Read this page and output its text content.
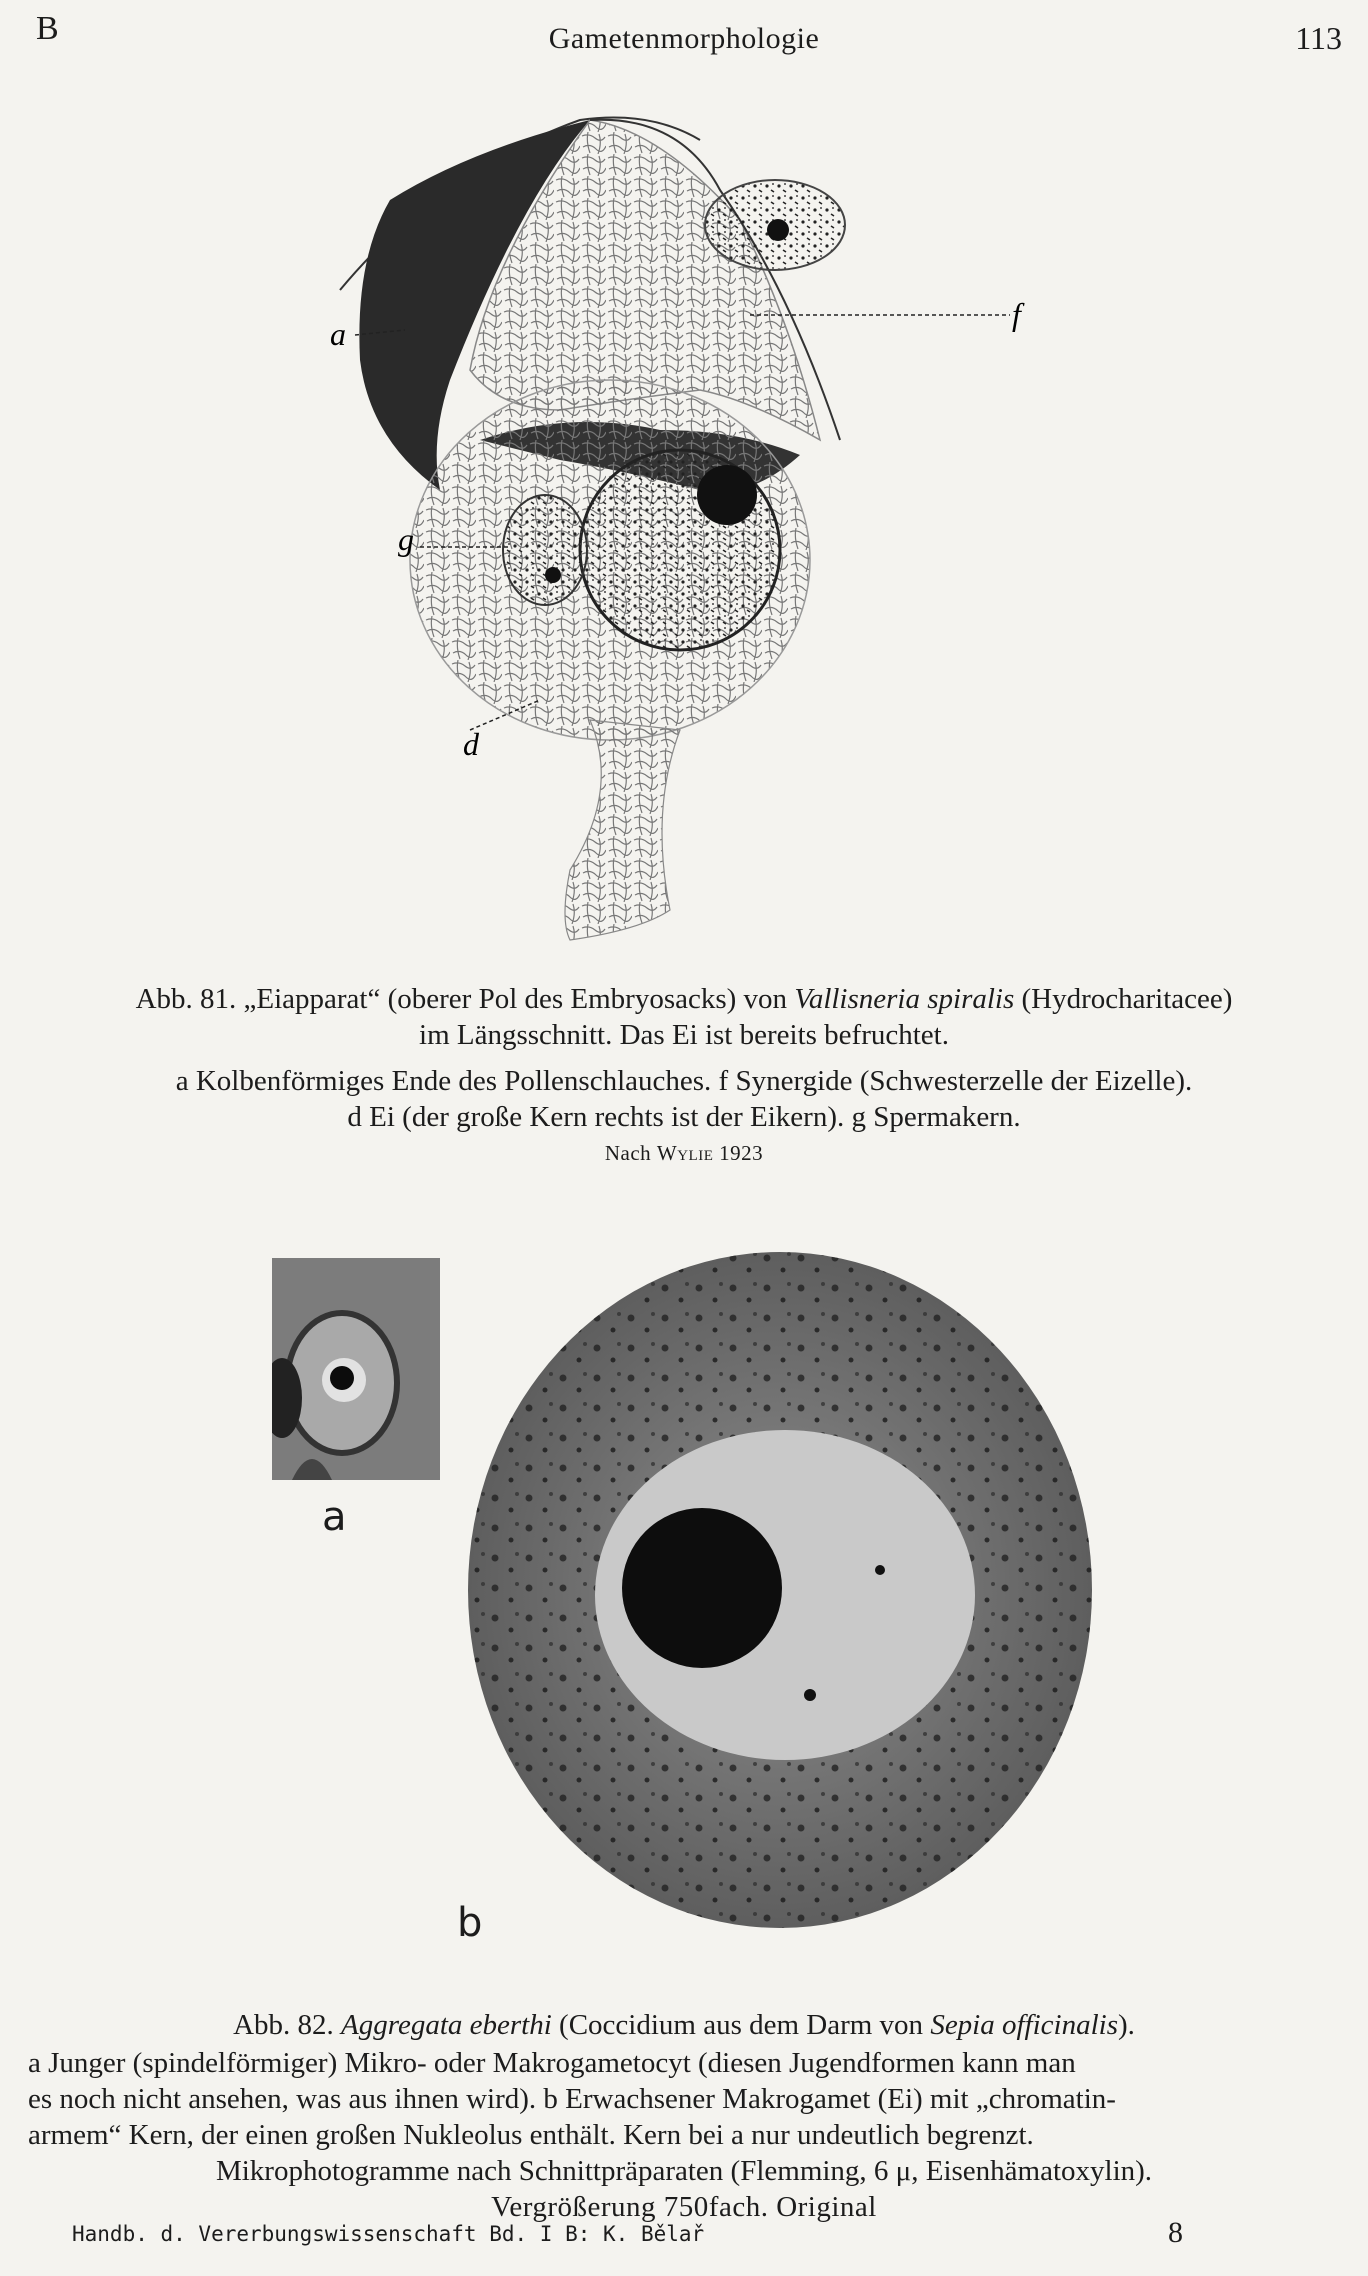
B	Gametenmorphologie	113
a
f
g
d
Abb. 81. „Eiapparat“ (oberer Pol des Embryosacks) von Vallisneria spiralis (Hydrocharitacee)
im Längsschnitt. Das Ei ist bereits befruchtet.
a Kolbenförmiges Ende des Pollenschlauches. f Synergide (Schwesterzelle der Eizelle).
d Ei (der große Kern rechts ist der Eikern). g Spermakern.
Nach Wylie 1923
a
b
Abb. 82. Aggregata eberthi (Coccidium aus dem Darm von Sepia officinalis).
a Junger (spindelförmiger) Mikro- oder Makrogametocyt (diesen Jugendformen kann man
es noch nicht ansehen, was aus ihnen wird). b Erwachsener Makrogamet (Ei) mit „chromatin-
armem“ Kern, der einen großen Nukleolus enthält. Kern bei a nur undeutlich begrenzt.
Mikrophotogramme nach Schnittpräparaten (Flemming, 6 μ, Eisenhämatoxylin).
Vergrößerung 750fach. Original
Handb. d. Vererbungswissenschaft Bd. I B: K. Bělař	8
